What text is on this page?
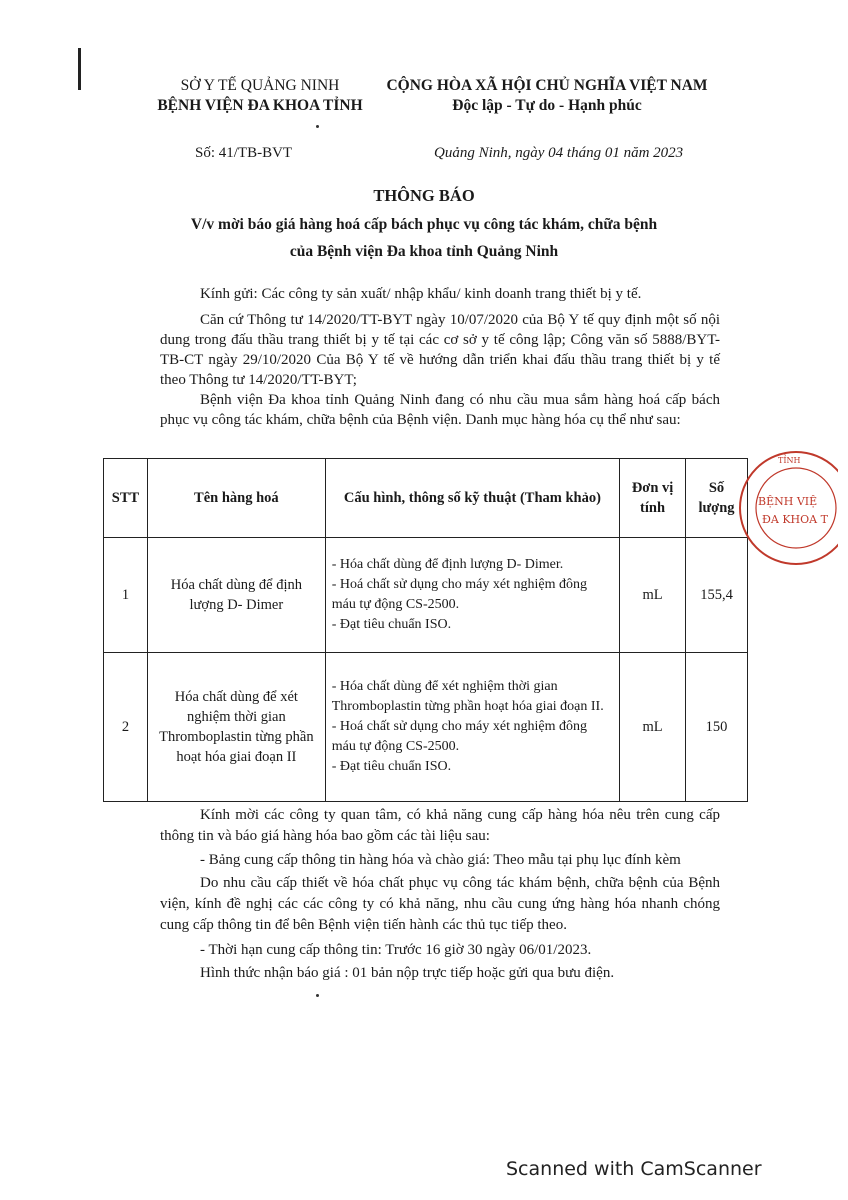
SỞ Y TẾ QUẢNG NINH
BỆNH VIỆN ĐA KHOA TỈNH
CỘNG HÒA XÃ HỘI CHỦ NGHĨA VIỆT NAM
Độc lập - Tự do - Hạnh phúc
Số: 41/TB-BVT	Quảng Ninh, ngày 04 tháng 01 năm 2023
THÔNG BÁO
V/v mời báo giá hàng hoá cấp bách phục vụ công tác khám, chữa bệnh
của Bệnh viện Đa khoa tỉnh Quảng Ninh
Kính gửi: Các công ty sản xuất/ nhập khẩu/ kinh doanh trang thiết bị y tế.
Căn cứ Thông tư 14/2020/TT-BYT ngày 10/07/2020 của Bộ Y tế quy định một số nội dung trong đấu thầu trang thiết bị y tế tại các cơ sở y tế công lập; Công văn số 5888/BYT-TB-CT ngày 29/10/2020 Của Bộ Y tế về hướng dẫn triển khai đấu thầu trang thiết bị y tế theo Thông tư 14/2020/TT-BYT;
Bệnh viện Đa khoa tỉnh Quảng Ninh đang có nhu cầu mua sắm hàng hoá cấp bách phục vụ công tác khám, chữa bệnh của Bệnh viện. Danh mục hàng hóa cụ thể như sau:
STT	Tên hàng hoá	Cấu hình, thông số kỹ thuật (Tham khảo)	Đơn vị tính	Số lượng
1	Hóa chất dùng để định lượng D- Dimer	- Hóa chất dùng để định lượng D- Dimer.
- Hoá chất sử dụng cho máy xét nghiệm đông máu tự động CS-2500.
- Đạt tiêu chuẩn ISO.	mL	155,4
2	Hóa chất dùng để xét nghiệm thời gian Thromboplastin từng phần hoạt hóa giai đoạn II	- Hóa chất dùng để xét nghiệm thời gian Thromboplastin từng phần hoạt hóa giai đoạn II.
- Hoá chất sử dụng cho máy xét nghiệm đông máu tự động CS-2500.
- Đạt tiêu chuẩn ISO.	mL	150
TỈNH
BỆNH VIỆ
ĐA KHOA T
Kính mời các công ty quan tâm, có khả năng cung cấp hàng hóa nêu trên cung cấp thông tin và báo giá hàng hóa bao gồm các tài liệu sau:
- Bảng cung cấp thông tin hàng hóa và chào giá: Theo mẫu tại phụ lục đính kèm
Do nhu cầu cấp thiết về hóa chất phục vụ công tác khám bệnh, chữa bệnh của Bệnh viện, kính đề nghị các các công ty có khả năng, nhu cầu cung ứng hàng hóa nhanh chóng cung cấp thông tin để bên Bệnh viện tiến hành các thủ tục tiếp theo.
- Thời hạn cung cấp thông tin: Trước 16 giờ 30 ngày 06/01/2023.
Hình thức nhận báo giá : 01 bản nộp trực tiếp hoặc gửi qua bưu điện.
Scanned with CamScanner
